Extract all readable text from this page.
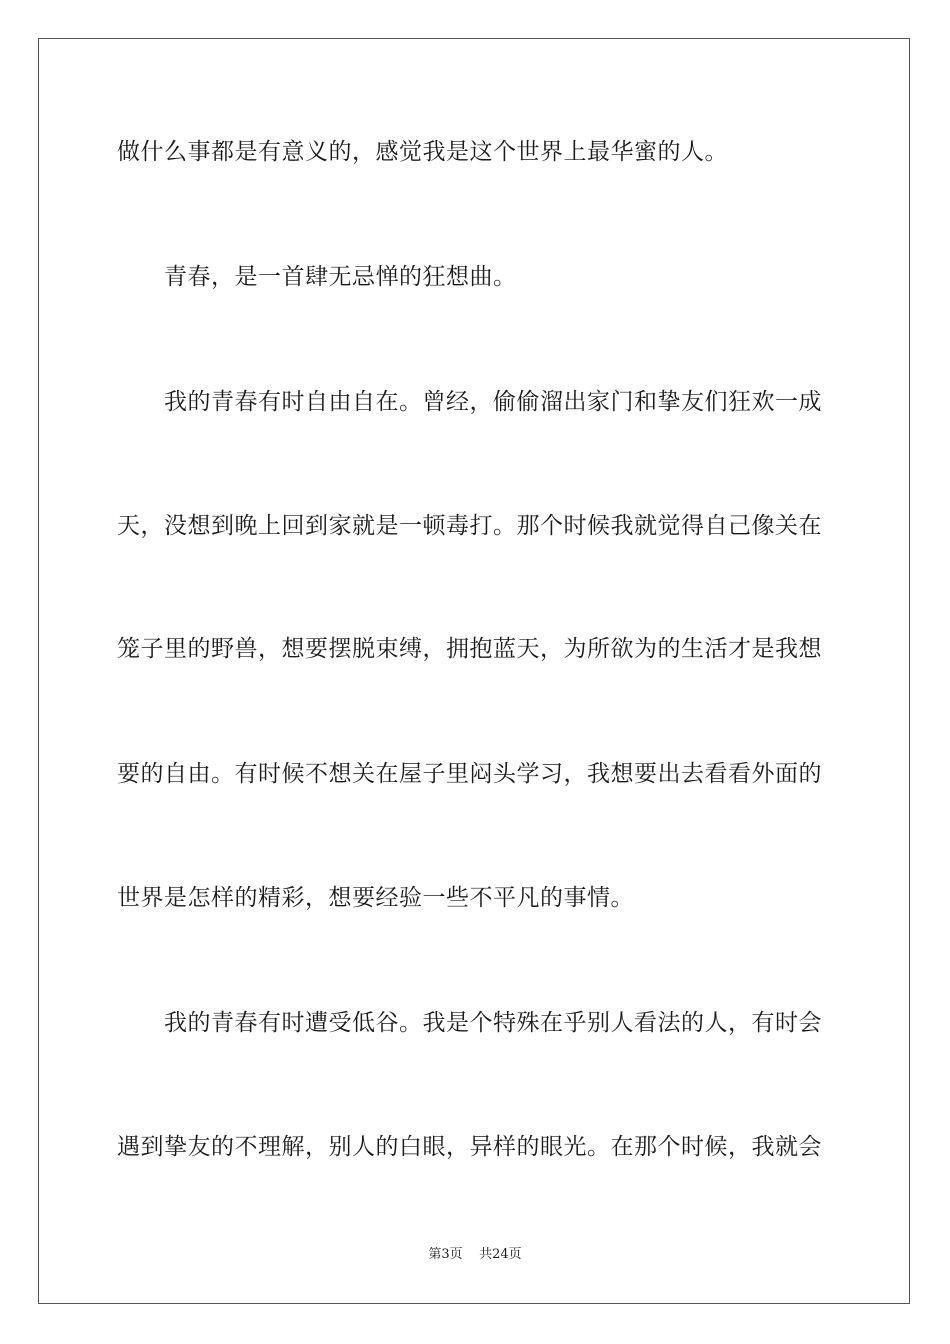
做什么事都是有意义的，感觉我是这个世界上最华蜜的人。
青春，是一首肆无忌惮的狂想曲。
我的青春有时自由自在。曾经，偷偷溜出家门和挚友们狂欢一成
天，没想到晚上回到家就是一顿毒打。那个时候我就觉得自己像关在
笼子里的野兽，想要摆脱束缚，拥抱蓝天，为所欲为的生活才是我想
要的自由。有时候不想关在屋子里闷头学习，我想要出去看看外面的
世界是怎样的精彩，想要经验一些不平凡的事情。
我的青春有时遭受低谷。我是个特殊在乎别人看法的人，有时会
遇到挚友的不理解，别人的白眼，异样的眼光。在那个时候，我就会
第3页 共24页
